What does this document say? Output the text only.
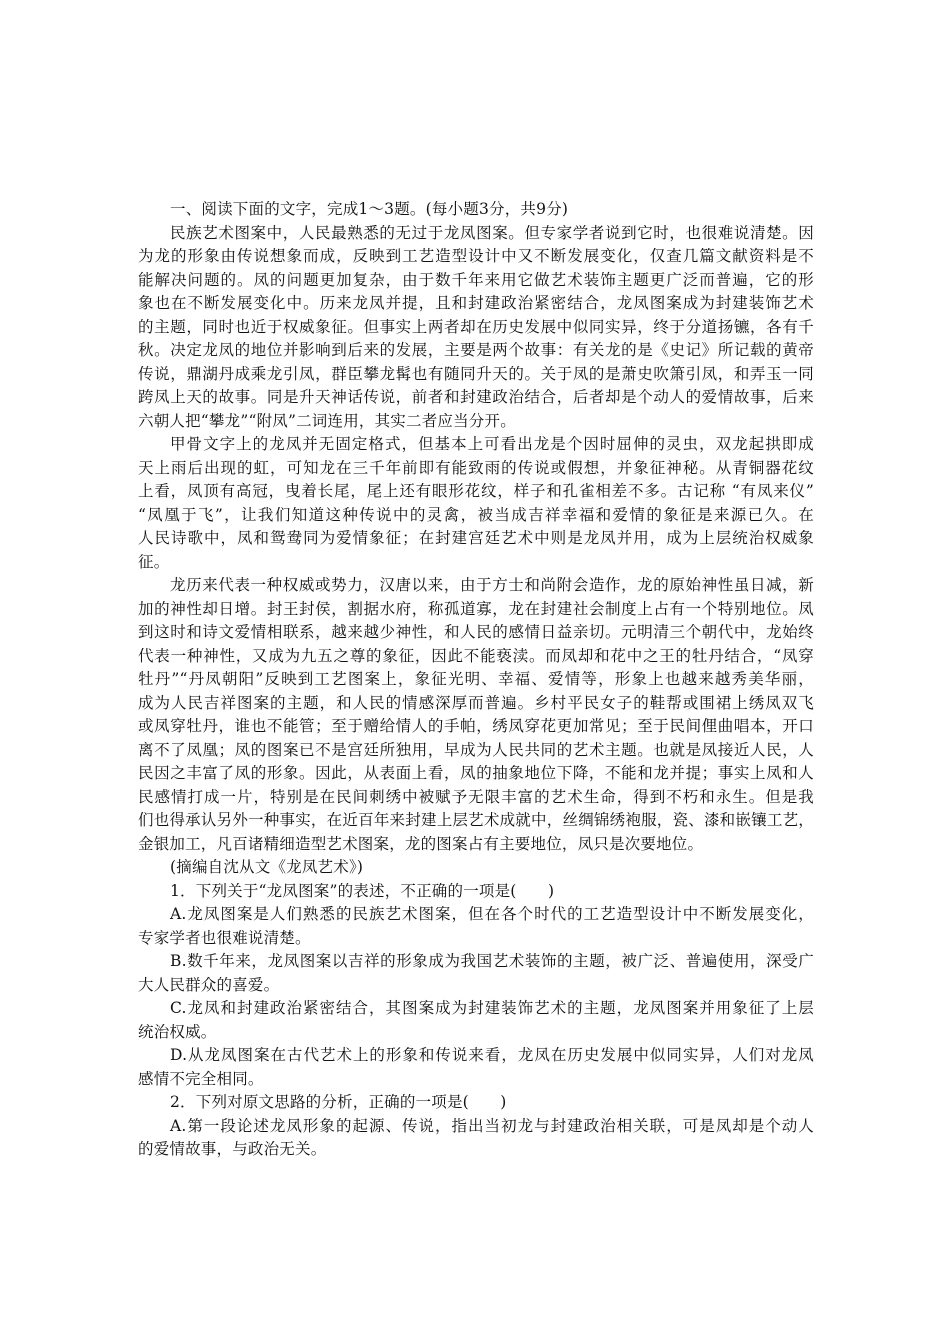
一、阅读下面的文字，完成1～3题。(每小题3分，共9分)
民族艺术图案中，人民最熟悉的无过于龙凤图案。但专家学者说到它时，也很难说清楚。因
为龙的形象由传说想象而成，反映到工艺造型设计中又不断发展变化，仅查几篇文献资料是不
能解决问题的。凤的问题更加复杂，由于数千年来用它做艺术装饰主题更广泛而普遍，它的形
象也在不断发展变化中。历来龙凤并提，且和封建政治紧密结合，龙凤图案成为封建装饰艺术
的主题，同时也近于权威象征。但事实上两者却在历史发展中似同实异，终于分道扬镳，各有千
秋。决定龙凤的地位并影响到后来的发展，主要是两个故事：有关龙的是《史记》所记载的黄帝
传说，鼎湖丹成乘龙引凤，群臣攀龙髯也有随同升天的。关于凤的是萧史吹箫引凤，和弄玉一同
跨凤上天的故事。同是升天神话传说，前者和封建政治结合，后者却是个动人的爱情故事，后来
六朝人把“攀龙”“附凤”二词连用，其实二者应当分开。
甲骨文字上的龙凤并无固定格式，但基本上可看出龙是个因时屈伸的灵虫，双龙起拱即成
天上雨后出现的虹，可知龙在三千年前即有能致雨的传说或假想，并象征神秘。从青铜器花纹
上看，凤顶有高冠，曳着长尾，尾上还有眼形花纹，样子和孔雀相差不多。古记称 “有凤来仪”
“凤凰于飞”，让我们知道这种传说中的灵禽，被当成吉祥幸福和爱情的象征是来源已久。在
人民诗歌中，凤和鸳鸯同为爱情象征；在封建宫廷艺术中则是龙凤并用，成为上层统治权威象
征。
龙历来代表一种权威或势力，汉唐以来，由于方士和尚附会造作，龙的原始神性虽日减，新
加的神性却日增。封王封侯，割据水府，称孤道寡，龙在封建社会制度上占有一个特别地位。凤
到这时和诗文爱情相联系，越来越少神性，和人民的感情日益亲切。元明清三个朝代中，龙始终
代表一种神性，又成为九五之尊的象征，因此不能亵渎。而凤却和花中之王的牡丹结合，“凤穿
牡丹”“丹凤朝阳”反映到工艺图案上，象征光明、幸福、爱情等，形象上也越来越秀美华丽，
成为人民吉祥图案的主题，和人民的情感深厚而普遍。乡村平民女子的鞋帮或围裙上绣凤双飞
或凤穿牡丹，谁也不能管；至于赠给情人的手帕，绣凤穿花更加常见；至于民间俚曲唱本，开口
离不了凤凰；凤的图案已不是宫廷所独用，早成为人民共同的艺术主题。也就是凤接近人民，人
民因之丰富了凤的形象。因此，从表面上看，凤的抽象地位下降，不能和龙并提；事实上凤和人
民感情打成一片，特别是在民间刺绣中被赋予无限丰富的艺术生命，得到不朽和永生。但是我
们也得承认另外一种事实，在近百年来封建上层艺术成就中，丝绸锦绣袍服，瓷、漆和嵌镶工艺，
金银加工，凡百诸精细造型艺术图案，龙的图案占有主要地位，凤只是次要地位。
(摘编自沈从文《龙凤艺术》)
1．下列关于“龙凤图案”的表述，不正确的一项是(　　)
A.龙凤图案是人们熟悉的民族艺术图案，但在各个时代的工艺造型设计中不断发展变化，
专家学者也很难说清楚。
B.数千年来，龙凤图案以吉祥的形象成为我国艺术装饰的主题，被广泛、普遍使用，深受广
大人民群众的喜爱。
C.龙凤和封建政治紧密结合，其图案成为封建装饰艺术的主题，龙凤图案并用象征了上层
统治权威。
D.从龙凤图案在古代艺术上的形象和传说来看，龙凤在历史发展中似同实异，人们对龙凤
感情不完全相同。
2．下列对原文思路的分析，正确的一项是(　　)
A.第一段论述龙凤形象的起源、传说，指出当初龙与封建政治相关联，可是凤却是个动人
的爱情故事，与政治无关。
